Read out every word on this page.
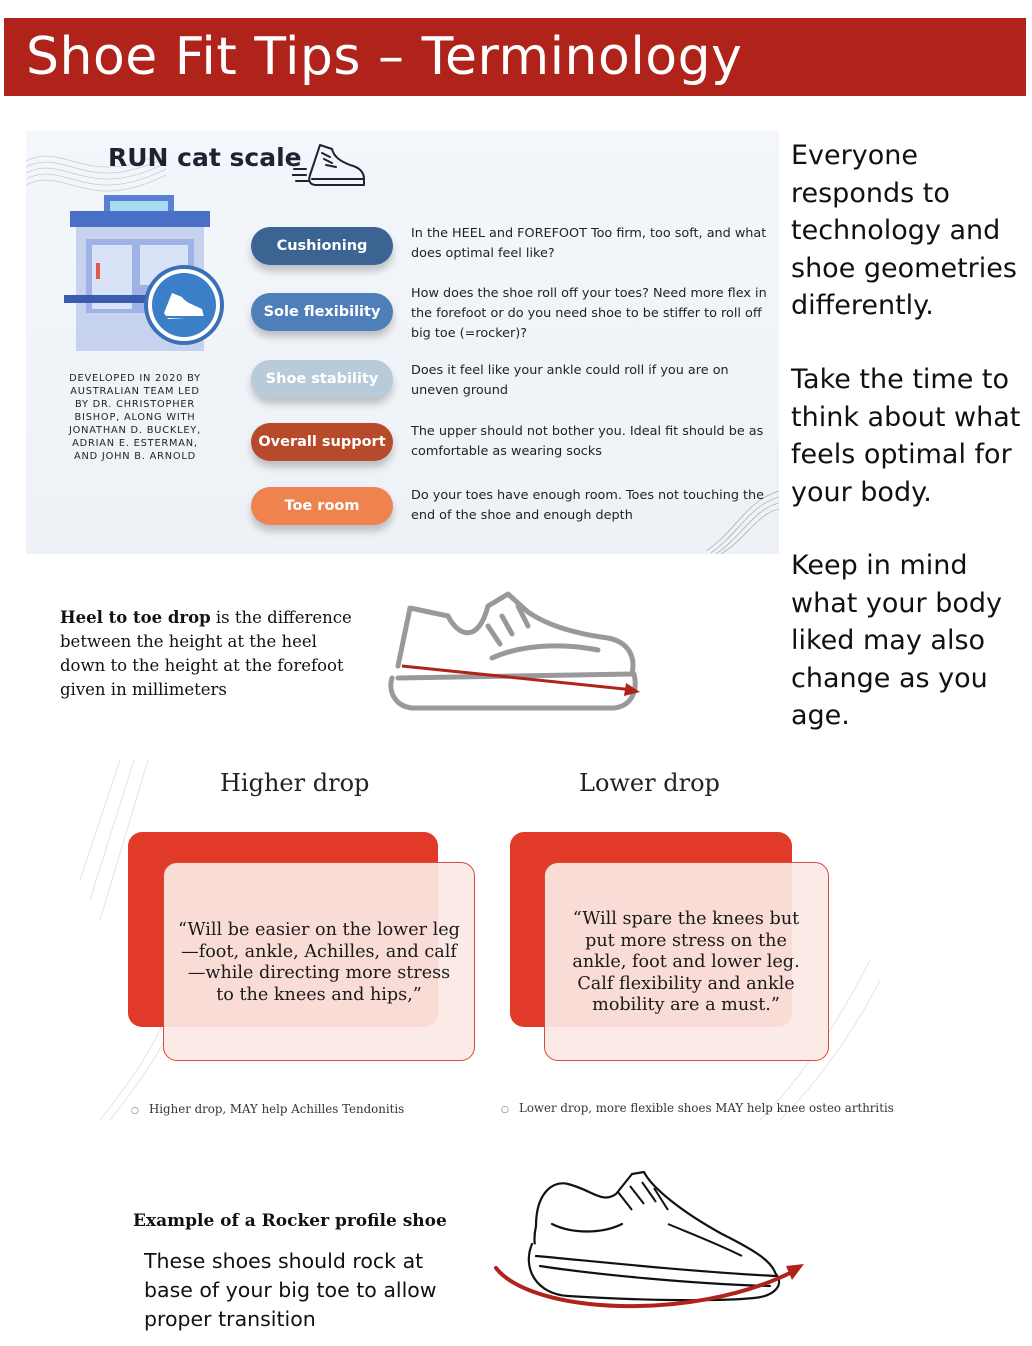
Shoe Fit Tips – Terminology
RUN cat scale
DEVELOPED IN 2020 BY AUSTRALIAN TEAM LED BY DR. CHRISTOPHER BISHOP, ALONG WITH JONATHAN D. BUCKLEY, ADRIAN E. ESTERMAN, AND JOHN B. ARNOLD
Cushioning
In the HEEL and FOREFOOT Too firm, too soft, and what does optimal feel like?
Sole flexibility
How does the shoe roll off your toes? Need more flex in the forefoot or do you need shoe to be stiffer to roll off big toe (=rocker)?
Shoe stability
Does it feel like your ankle could roll if you are on uneven ground
Overall support
The upper should not bother you. Ideal fit should be as comfortable as wearing socks
Toe room
Do your toes have enough room. Toes not touching the end of the shoe and enough depth
Everyone responds to technology and shoe geometries differently.
Take the time to think about what feels optimal for your body.
Keep in mind what your body liked may also change as you age.
Heel to toe drop is the difference between the height at the heel down to the height at the forefoot given in millimeters
Higher drop
“Will be easier on the lower leg—foot, ankle, Achilles, and calf—while directing more stress to the knees and hips,”
○ Higher drop, MAY help Achilles Tendonitis
Lower drop
“Will spare the knees but put more stress on the ankle, foot and lower leg. Calf flexibility and ankle mobility are a must.”
○ Lower drop, more flexible shoes MAY help knee osteo arthritis
Example of a Rocker profile shoe
These shoes should rock at base of your big toe to allow proper transition
